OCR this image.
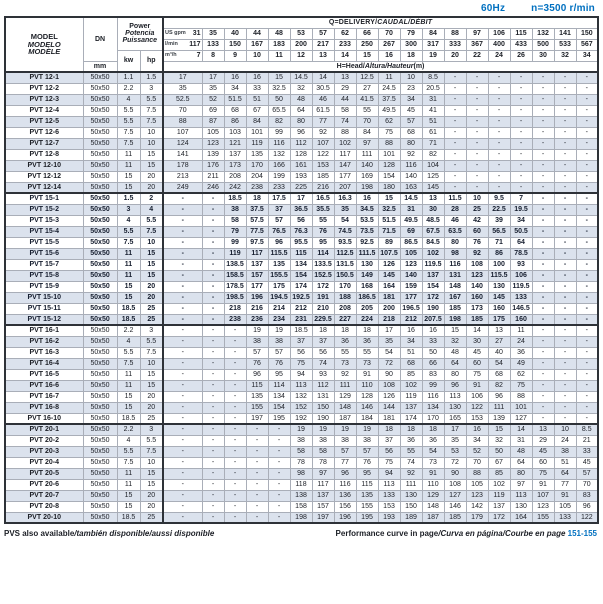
60Hz	n=3500 r/min
MODEL
MODELO
MODÈLE	DN	Power
Potencia
Puissance		Q=DELIVERY/CAUDAL/DÉBIT																		

				US gpm 31	35	40	44	48	53	57	62	66	70	79	84	88	97	106	115	132	141	150

				l/min 117	133	150	167	183	200	217	233	250	267	300	317	333	367	400	433	500	533	567
		kw	hp	m³/h 7	8	9	10	11	12	13	14	15	16	18	19	20	22	24	26	30	32	34
	mm			H=Head/Altura/Hauteur(m)																		
PVT 12-1	50x50	1.1	1.5	17	17	16	16	15	14.5	14	13	12.5	11	10	8.5	-	-	-	-	-	-	-
PVT 12-2	50x50	2.2	3	35	35	34	33	32.5	32	30.5	29	27	24.5	23	20.5	-	-	-	-	-	-	-
PVT 12-3	50x50	4	5.5	52.5	52	51.5	51	50	48	46	44	41.5	37.5	34	31	-	-	-	-	-	-	-
PVT 12-4	50x50	5.5	7.5	70	69	68	67	65.5	64	61.5	58	55	49.5	45	41	-	-	-	-	-	-	-
PVT 12-5	50x50	5.5	7.5	88	87	86	84	82	80	77	74	70	62	57	51	-	-	-	-	-	-	-
PVT 12-6	50x50	7.5	10	107	105	103	101	99	96	92	88	84	75	68	61	-	-	-	-	-	-	-
PVT 12-7	50x50	7.5	10	124	123	121	119	116	112	107	102	97	88	80	71	-	-	-	-	-	-	-
PVT 12-8	50x50	11	15	141	139	137	135	132	128	122	117	111	101	92	82	-	-	-	-	-	-	-
PVT 12-10	50x50	11	15	178	176	173	170	166	161	153	147	140	128	116	104	-	-	-	-	-	-	-
PVT 12-12	50x50	15	20	213	211	208	204	199	193	185	177	169	154	140	125	-	-	-	-	-	-	-
PVT 12-14	50x50	15	20	249	246	242	238	233	225	216	207	198	180	163	145	-	-	-	-	-	-	-
PVT 15-1	50x50	1.5	2	-	-	18.5	18	17.5	17	16.5	16.3	16	15	14.5	13	11.5	10	9.5	7	-	-	-
PVT 15-2	50x50	3	4	-	-	38	37.5	37	36.5	35.5	35	34.5	32.5	31	30	28	25	22.5	19.5	-	-	-
PVT 15-3	50x50	4	5.5	-	-	58	57.5	57	56	55	54	53.5	51.5	49.5	48.5	46	42	39	34	-	-	-
PVT 15-4	50x50	5.5	7.5	-	-	79	77.5	76.5	76.3	76	74.5	73.5	71.5	69	67.5	63.5	60	56.5	50.5	-	-	-
PVT 15-5	50x50	7.5	10	-	-	99	97.5	96	95.5	95	93.5	92.5	89	86.5	84.5	80	76	71	64	-	-	-
PVT 15-6	50x50	11	15	-	-	119	117	115.5	115	114	112.5	111.5	107.5	105	102	98	92	86	78.5	-	-	-
PVT 15-7	50x50	11	15	-	-	138.5	137	135	134	133.5	131.5	130	126	123	119.5	116	108	100	93	-	-	-
PVT 15-8	50x50	11	15	-	-	158.5	157	155.5	154	152.5	150.5	149	145	140	137	131	123	115.5	106	-	-	-
PVT 15-9	50x50	15	20	-	-	178.5	177	175	174	172	170	168	164	159	154	148	140	130	119.5	-	-	-
PVT 15-10	50x50	15	20	-	-	198.5	196	194.5	192.5	191	188	186.5	181	177	172	167	160	145	133	-	-	-
PVT 15-11	50x50	18.5	25	-	-	218	216	214	212	210	208	205	200	196.5	190	185	173	160	146.5	-	-	-
PVT 15-12	50x50	18.5	25	-	-	238	236	234	231	229.5	227	224	218	212	207.5	198	185	175	160	-	-	-
PVT 16-1	50x50	2.2	3	-	-	-	19	19	18.5	18	18	18	17	16	16	15	14	13	11	-	-	-
PVT 16-2	50x50	4	5.5	-	-	-	38	38	37	37	36	36	35	34	33	32	30	27	24	-	-	-
PVT 16-3	50x50	5.5	7.5	-	-	-	57	57	56	56	55	55	54	51	50	48	45	40	36	-	-	-
PVT 16-4	50x50	7.5	10	-	-	-	76	76	75	74	73	73	72	68	66	64	60	54	49	-	-	-
PVT 16-5	50x50	11	15	-	-	-	96	95	94	93	92	91	90	85	83	80	75	68	62	-	-	-
PVT 16-6	50x50	11	15	-	-	-	115	114	113	112	111	110	108	102	99	96	91	82	75	-	-	-
PVT 16-7	50x50	15	20	-	-	-	135	134	132	131	129	128	126	119	116	113	106	96	88	-	-	-
PVT 16-8	50x50	15	20	-	-	-	155	154	152	150	148	146	144	137	134	130	122	111	101	-	-	-
PVT 16-10	50x50	18.5	25	-	-	-	197	195	192	190	187	184	181	174	170	165	153	139	127	-	-	-
PVT 20-1	50x50	2.2	3	-	-	-	-	-	19	19	19	19	18	18	18	17	16	15	14	13	10	8.5
PVT 20-2	50x50	4	5.5	-	-	-	-	-	38	38	38	38	37	36	36	35	34	32	31	29	24	21
PVT 20-3	50x50	5.5	7.5	-	-	-	-	-	58	58	57	57	56	55	54	53	52	50	48	45	38	33
PVT 20-4	50x50	7.5	10	-	-	-	-	-	78	78	77	76	75	74	73	72	70	67	64	60	51	45
PVT 20-5	50x50	11	15	-	-	-	-	-	98	97	96	95	94	92	91	90	88	85	80	75	64	57
PVT 20-6	50x50	11	15	-	-	-	-	-	118	117	116	115	113	111	110	108	105	102	97	91	77	70
PVT 20-7	50x50	15	20	-	-	-	-	-	138	137	136	135	133	130	129	127	123	119	113	107	91	83
PVT 20-8	50x50	15	20	-	-	-	-	-	158	157	156	155	153	150	148	146	142	137	130	123	105	96
PVT 20-10	50x50	18.5	25	-	-	-	-	-	198	197	196	195	193	189	187	185	179	172	164	155	133	122
PVS also available/también disponible/aussi disponible	Performance curve in page/Curva en página/Courbe en page 151-155
